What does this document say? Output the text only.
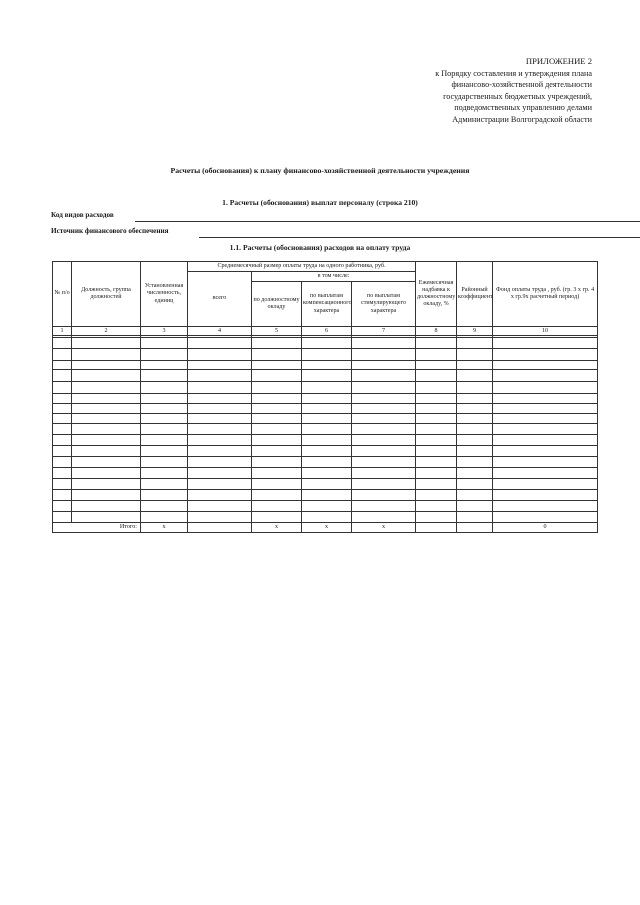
ПРИЛОЖЕНИЕ 2
к Порядку составления и утверждения плана
финансово-хозяйственной деятельности
государственных бюджетных учреждений,
подведомственных управлению делами
Администрации Волгоградской области
Расчеты (обоснования) к плану финансово-хозяйственной деятельности учреждения
1. Расчеты (обоснования) выплат персоналу (строка 210)
Код видов расходов
Источник финансового обеспечения
1.1. Расчеты (обоснования) расходов на оплату труда
№ п/о	Должность, группа должностей	Установленная численность, единиц	Среднемесячный размер оплаты труда на одного работника, руб.				Ежемесячная надбавка к должностному окладу, %	Районный коэффициент	Фонд оплаты труда , руб. (гр. 3 х гр. 4 х гр.9х расчетный период)
			всего	в том числе:					
				по должностному окладу	по выплатам компенсационного характера	по выплатам стимулирующего характера			
1	2	3	4	5	6	7	8	9	10

Итого:		x		x	x	x			0
